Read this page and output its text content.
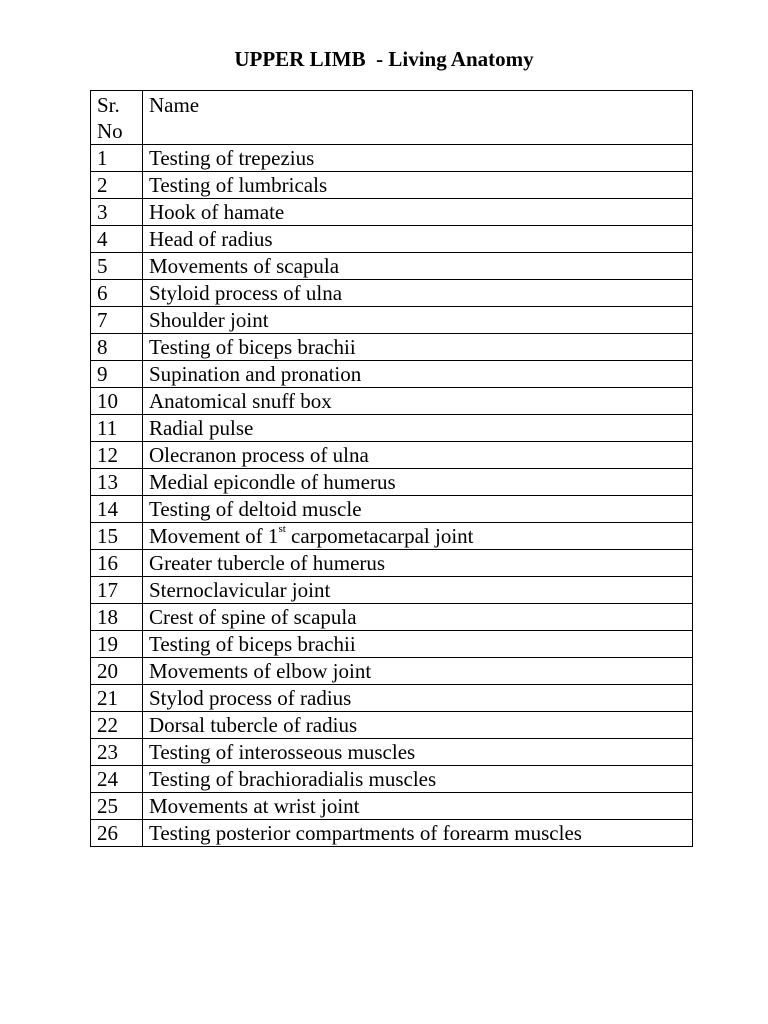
UPPER LIMB  - Living Anatomy
Sr. No	Name
1	Testing of trepezius
2	Testing of lumbricals
3	Hook of hamate
4	Head of radius
5	Movements of scapula
6	Styloid process of ulna
7	Shoulder joint
8	Testing of biceps brachii
9	Supination and pronation
10	Anatomical snuff box
11	Radial pulse
12	Olecranon process of ulna
13	Medial epicondle of humerus
14	Testing of deltoid muscle
15	Movement of 1st carpometacarpal joint
16	Greater tubercle of humerus
17	Sternoclavicular joint
18	Crest of spine of scapula
19	Testing of biceps brachii
20	Movements of elbow joint
21	Stylod process of radius
22	Dorsal tubercle of radius
23	Testing of interosseous muscles
24	Testing of brachioradialis muscles
25	Movements at wrist joint
26	Testing posterior compartments of forearm muscles
